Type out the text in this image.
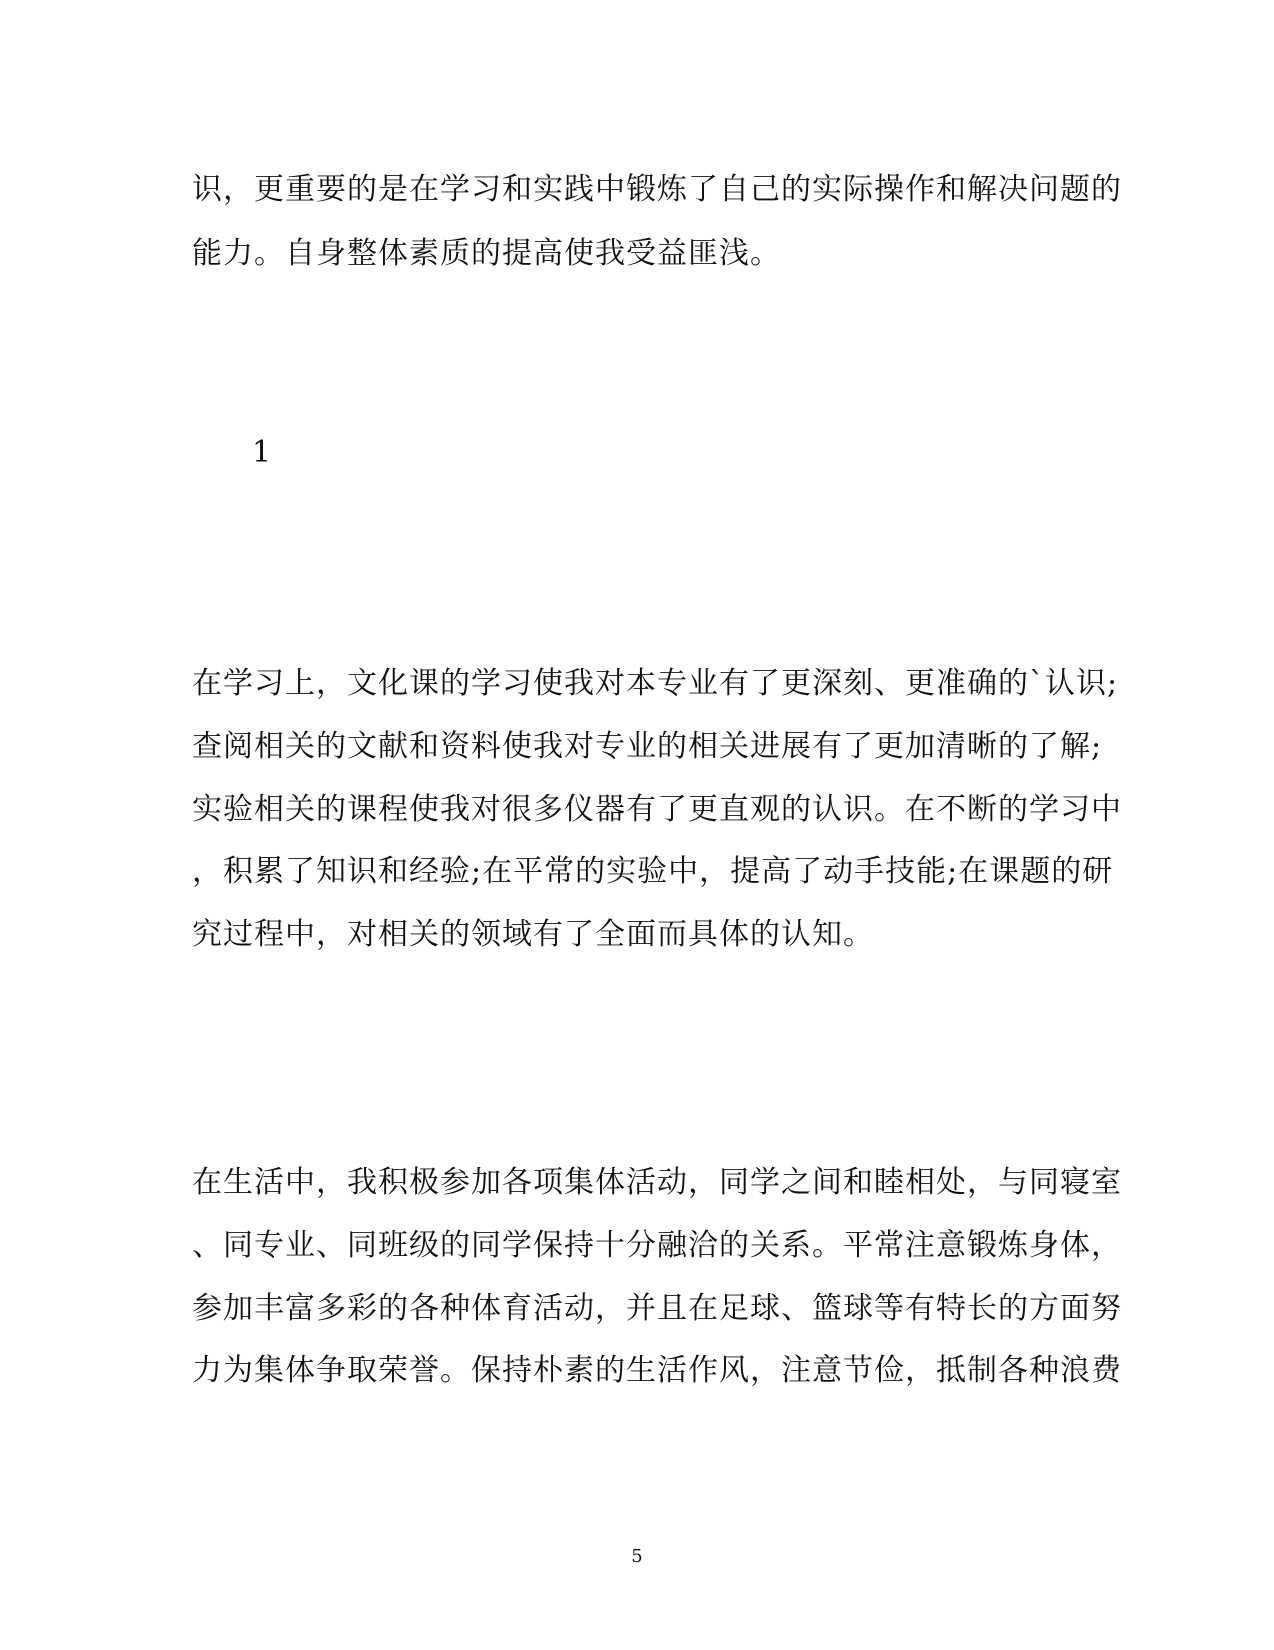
识，更重要的是在学习和实践中锻炼了自己的实际操作和解决问题的
能力。自身整体素质的提高使我受益匪浅。
1
在学习上，文化课的学习使我对本专业有了更深刻、更准确的`认识;
查阅相关的文献和资料使我对专业的相关进展有了更加清晰的了解;
实验相关的课程使我对很多仪器有了更直观的认识。在不断的学习中
，积累了知识和经验;在平常的实验中，提高了动手技能;在课题的研
究过程中，对相关的领域有了全面而具体的认知。
在生活中，我积极参加各项集体活动，同学之间和睦相处，与同寝室
、同专业、同班级的同学保持十分融洽的关系。平常注意锻炼身体，
参加丰富多彩的各种体育活动，并且在足球、篮球等有特长的方面努
力为集体争取荣誉。保持朴素的生活作风，注意节俭，抵制各种浪费
5
